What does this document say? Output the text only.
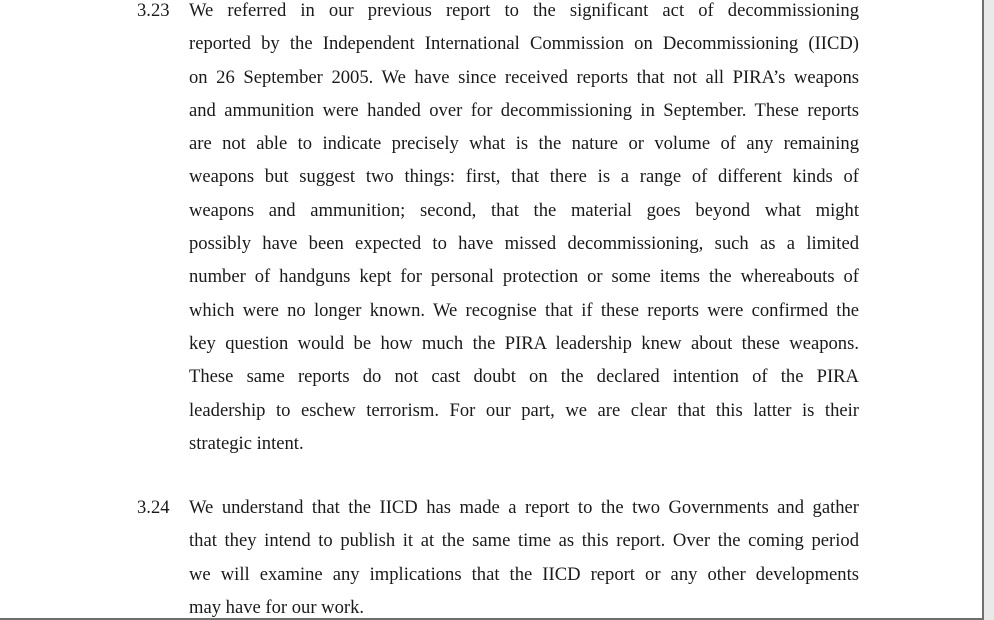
3.23	We referred in our previous report to the significant act of decommissioning
reported by the Independent International Commission on Decommissioning (IICD)
on 26 September 2005. We have since received reports that not all PIRA’s weapons
and ammunition were handed over for decommissioning in September. These reports
are not able to indicate precisely what is the nature or volume of any remaining
weapons but suggest two things: first, that there is a range of different kinds of
weapons and ammunition; second, that the material goes beyond what might
possibly have been expected to have missed decommissioning, such as a limited
number of handguns kept for personal protection or some items the whereabouts of
which were no longer known. We recognise that if these reports were confirmed the
key question would be how much the PIRA leadership knew about these weapons.
These same reports do not cast doubt on the declared intention of the PIRA
leadership to eschew terrorism. For our part, we are clear that this latter is their
strategic intent.
3.24	We understand that the IICD has made a report to the two Governments and gather
that they intend to publish it at the same time as this report. Over the coming period
we will examine any implications that the IICD report or any other developments
may have for our work.
